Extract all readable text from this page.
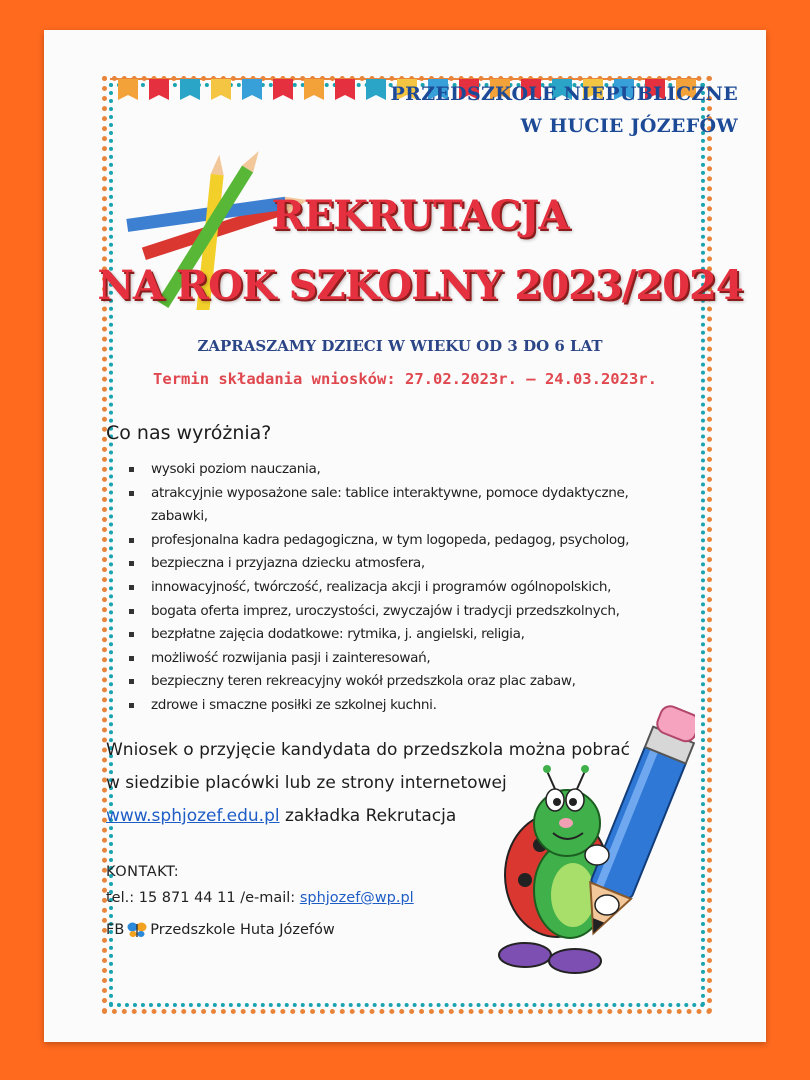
PRZEDSZKOLE NIEPUBLICZNE
W HUCIE JÓZEFÓW
REKRUTACJA
NA ROK SZKOLNY 2023/2024
ZAPRASZAMY DZIECI W WIEKU OD 3 DO 6 LAT
Termin składania wniosków: 27.02.2023r. – 24.03.2023r.
Co nas wyróżnia?
wysoki poziom nauczania,
atrakcyjnie wyposażone sale: tablice interaktywne, pomoce dydaktyczne, zabawki,
profesjonalna kadra pedagogiczna, w tym logopeda, pedagog, psycholog,
bezpieczna i przyjazna dziecku atmosfera,
innowacyjność, twórczość, realizacja akcji i programów ogólnopolskich,
bogata oferta imprez, uroczystości, zwyczajów i tradycji przedszkolnych,
bezpłatne zajęcia dodatkowe: rytmika, j. angielski, religia,
możliwość rozwijania pasji i zainteresowań,
bezpieczny teren rekreacyjny wokół przedszkola oraz plac zabaw,
zdrowe i smaczne posiłki ze szkolnej kuchni.
Wniosek o przyjęcie kandydata do przedszkola można pobrać
w siedzibie placówki lub ze strony internetowej
www.sphjozef.edu.pl zakładka Rekrutacja
KONTAKT:
tel.: 15 871 44 11 /e-mail: sphjozef@wp.pl
FB Przedszkole Huta Józefów
